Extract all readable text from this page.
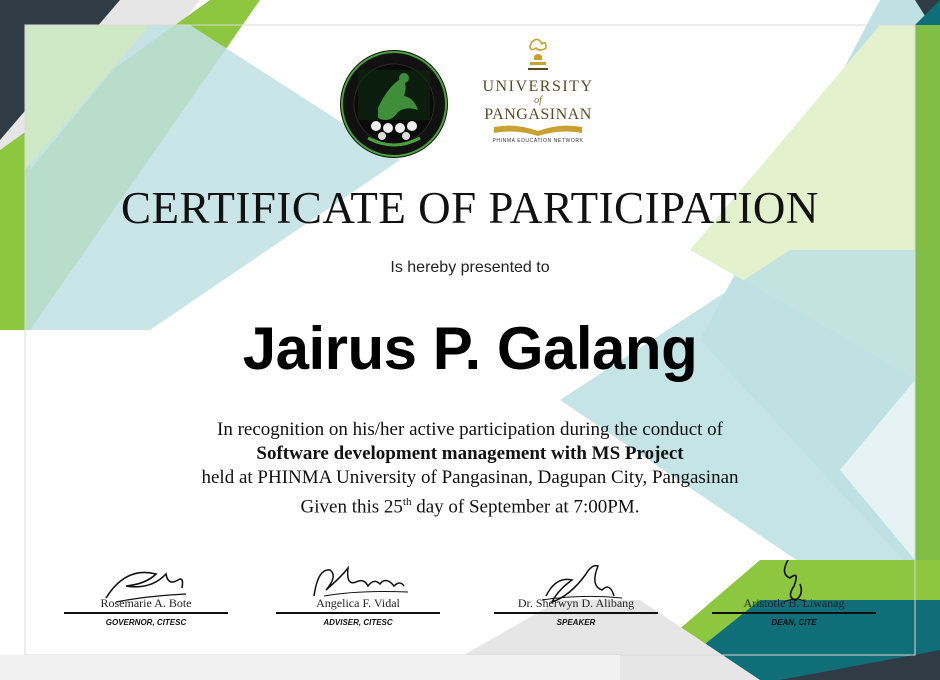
UNIVERSITY
of
PANGASINAN
PHINMA EDUCATION NETWORK
CERTIFICATE OF PARTICIPATION
Is hereby presented to
Jairus P. Galang
In recognition on his/her active participation during the conduct of
Software development management with MS Project
held at PHINMA University of Pangasinan, Dagupan City, Pangasinan
Given this 25th day of September at 7:00PM.
Rosemarie A. Bote
GOVERNOR, CITESC
Angelica F. Vidal
ADVISER, CITESC
Dr. Sherwyn D. Alibang
SPEAKER
Aristotle B. Liwanag
DEAN, CITE
